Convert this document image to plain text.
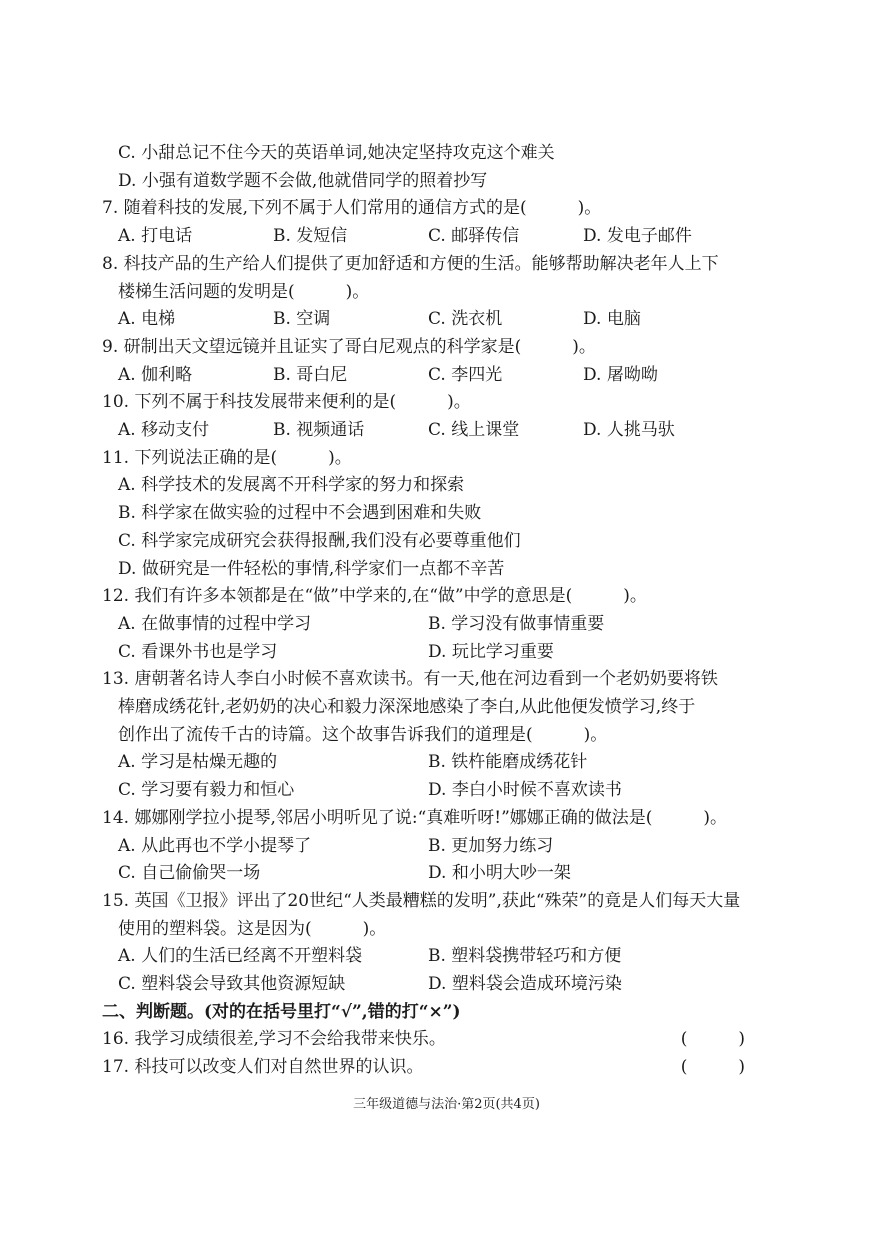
C. 小甜总记不住今天的英语单词,她决定坚持攻克这个难关
D. 小强有道数学题不会做,他就借同学的照着抄写
7. 随着科技的发展,下列不属于人们常用的通信方式的是(　　　)。
A. 打电话	B. 发短信	C. 邮驿传信	D. 发电子邮件
8. 科技产品的生产给人们提供了更加舒适和方便的生活。能够帮助解决老年人上下
楼梯生活问题的发明是(　　　)。
A. 电梯	B. 空调	C. 洗衣机	D. 电脑
9. 研制出天文望远镜并且证实了哥白尼观点的科学家是(　　　)。
A. 伽利略	B. 哥白尼	C. 李四光	D. 屠呦呦
10. 下列不属于科技发展带来便利的是(　　　)。
A. 移动支付	B. 视频通话	C. 线上课堂	D. 人挑马驮
11. 下列说法正确的是(　　　)。
A. 科学技术的发展离不开科学家的努力和探索
B. 科学家在做实验的过程中不会遇到困难和失败
C. 科学家完成研究会获得报酬,我们没有必要尊重他们
D. 做研究是一件轻松的事情,科学家们一点都不辛苦
12. 我们有许多本领都是在“做”中学来的,在“做”中学的意思是(　　　)。
A. 在做事情的过程中学习	B. 学习没有做事情重要
C. 看课外书也是学习	D. 玩比学习重要
13. 唐朝著名诗人李白小时候不喜欢读书。有一天,他在河边看到一个老奶奶要将铁
棒磨成绣花针,老奶奶的决心和毅力深深地感染了李白,从此他便发愤学习,终于
创作出了流传千古的诗篇。这个故事告诉我们的道理是(　　　)。
A. 学习是枯燥无趣的	B. 铁杵能磨成绣花针
C. 学习要有毅力和恒心	D. 李白小时候不喜欢读书
14. 娜娜刚学拉小提琴,邻居小明听见了说:“真难听呀!”娜娜正确的做法是(　　　)。
A. 从此再也不学小提琴了	B. 更加努力练习
C. 自己偷偷哭一场	D. 和小明大吵一架
15. 英国《卫报》评出了20世纪“人类最糟糕的发明”,获此“殊荣”的竟是人们每天大量
使用的塑料袋。这是因为(　　　)。
A. 人们的生活已经离不开塑料袋	B. 塑料袋携带轻巧和方便
C. 塑料袋会导致其他资源短缺	D. 塑料袋会造成环境污染
二、判断题。(对的在括号里打“√”,错的打“×”)
16. 我学习成绩很差,学习不会给我带来快乐。	(　　　)
17. 科技可以改变人们对自然世界的认识。	(　　　)
三年级道德与法治·第2页(共4页)
